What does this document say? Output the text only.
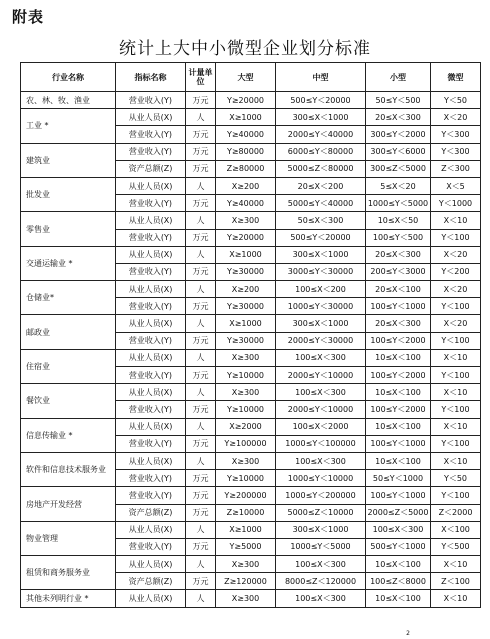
附表
统计上大中小微型企业划分标准
行业名称	指标名称	计量单位	大型	中型	小型	微型
农、林、牧、渔业	营业收入(Y)	万元	Y≥20000	500≤Y＜20000	50≤Y＜500	Y＜50
工业 *	从业人员(X)	人	X≥1000	300≤X＜1000	20≤X＜300	X＜20
	营业收入(Y)	万元	Y≥40000	2000≤Y＜40000	300≤Y＜2000	Y＜300
建筑业	营业收入(Y)	万元	Y≥80000	6000≤Y＜80000	300≤Y＜6000	Y＜300
	资产总额(Z)	万元	Z≥80000	5000≤Z＜80000	300≤Z＜5000	Z＜300
批发业	从业人员(X)	人	X≥200	20≤X＜200	5≤X＜20	X＜5
	营业收入(Y)	万元	Y≥40000	5000≤Y＜40000	1000≤Y＜5000	Y＜1000
零售业	从业人员(X)	人	X≥300	50≤X＜300	10≤X＜50	X＜10
	营业收入(Y)	万元	Y≥20000	500≤Y＜20000	100≤Y＜500	Y＜100
交通运输业 *	从业人员(X)	人	X≥1000	300≤X＜1000	20≤X＜300	X＜20
	营业收入(Y)	万元	Y≥30000	3000≤Y＜30000	200≤Y＜3000	Y＜200
仓储业*	从业人员(X)	人	X≥200	100≤X＜200	20≤X＜100	X＜20
	营业收入(Y)	万元	Y≥30000	1000≤Y＜30000	100≤Y＜1000	Y＜100
邮政业	从业人员(X)	人	X≥1000	300≤X＜1000	20≤X＜300	X＜20
	营业收入(Y)	万元	Y≥30000	2000≤Y＜30000	100≤Y＜2000	Y＜100
住宿业	从业人员(X)	人	X≥300	100≤X＜300	10≤X＜100	X＜10
	营业收入(Y)	万元	Y≥10000	2000≤Y＜10000	100≤Y＜2000	Y＜100
餐饮业	从业人员(X)	人	X≥300	100≤X＜300	10≤X＜100	X＜10
	营业收入(Y)	万元	Y≥10000	2000≤Y＜10000	100≤Y＜2000	Y＜100
信息传输业 *	从业人员(X)	人	X≥2000	100≤X＜2000	10≤X＜100	X＜10
	营业收入(Y)	万元	Y≥100000	1000≤Y＜100000	100≤Y＜1000	Y＜100
软件和信息技术服务业	从业人员(X)	人	X≥300	100≤X＜300	10≤X＜100	X＜10
	营业收入(Y)	万元	Y≥10000	1000≤Y＜10000	50≤Y＜1000	Y＜50
房地产开发经营	营业收入(Y)	万元	Y≥200000	1000≤Y＜200000	100≤Y＜1000	Y＜100
	资产总额(Z)	万元	Z≥10000	5000≤Z＜10000	2000≤Z＜5000	Z＜2000
物业管理	从业人员(X)	人	X≥1000	300≤X＜1000	100≤X＜300	X＜100
	营业收入(Y)	万元	Y≥5000	1000≤Y＜5000	500≤Y＜1000	Y＜500
租赁和商务服务业	从业人员(X)	人	X≥300	100≤X＜300	10≤X＜100	X＜10
	资产总额(Z)	万元	Z≥120000	8000≤Z＜120000	100≤Z＜8000	Z＜100
其他未列明行业 *	从业人员(X)	人	X≥300	100≤X＜300	10≤X＜100	X＜10
2
